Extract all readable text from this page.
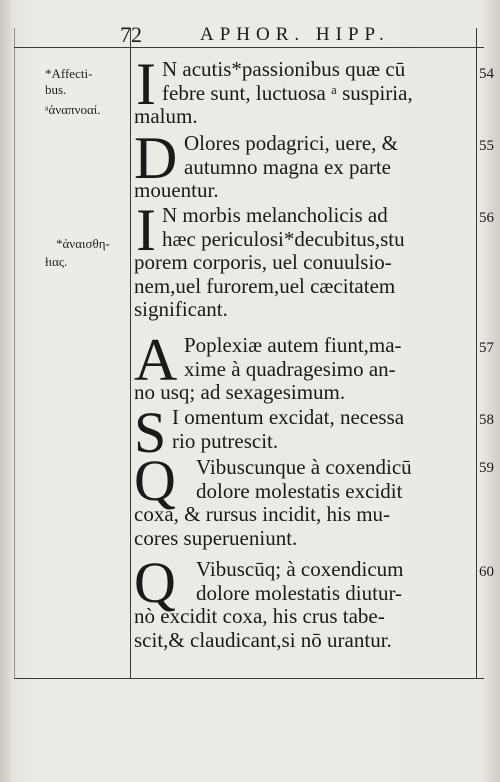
72	APHOR. HIPP.
*Affecti-
bus.
ᵃἀναπνοαί.
*ἀναισθη-
ɫιας.
54
I N acutis*passionibus quæ cū
febre sunt, luctuosa ᵃ suspiria,
malum.
55
D Olores podagrici, uere, &
autumno magna ex parte
mouentur.
56
I N morbis melancholicis ad
hæc periculosi*decubitus,stu
porem corporis, uel conuulsio-
nem,uel furorem,uel cæcitatem
significant.
57
A Poplexiæ autem fiunt,ma-
xime à quadragesimo an-
no usq; ad sexagesimum.
58
S I omentum excidat, necessa
rio putrescit.
59
Q Vibuscunque à coxendicū
dolore molestatis excidit
coxa, & rursus incidit, his mu-
cores superueniunt.
60
Q Vibuscūq; à coxendicum
dolore molestatis diutur-
nò excidit coxa, his crus tabe-
scit,& claudicant,si nō urantur.
